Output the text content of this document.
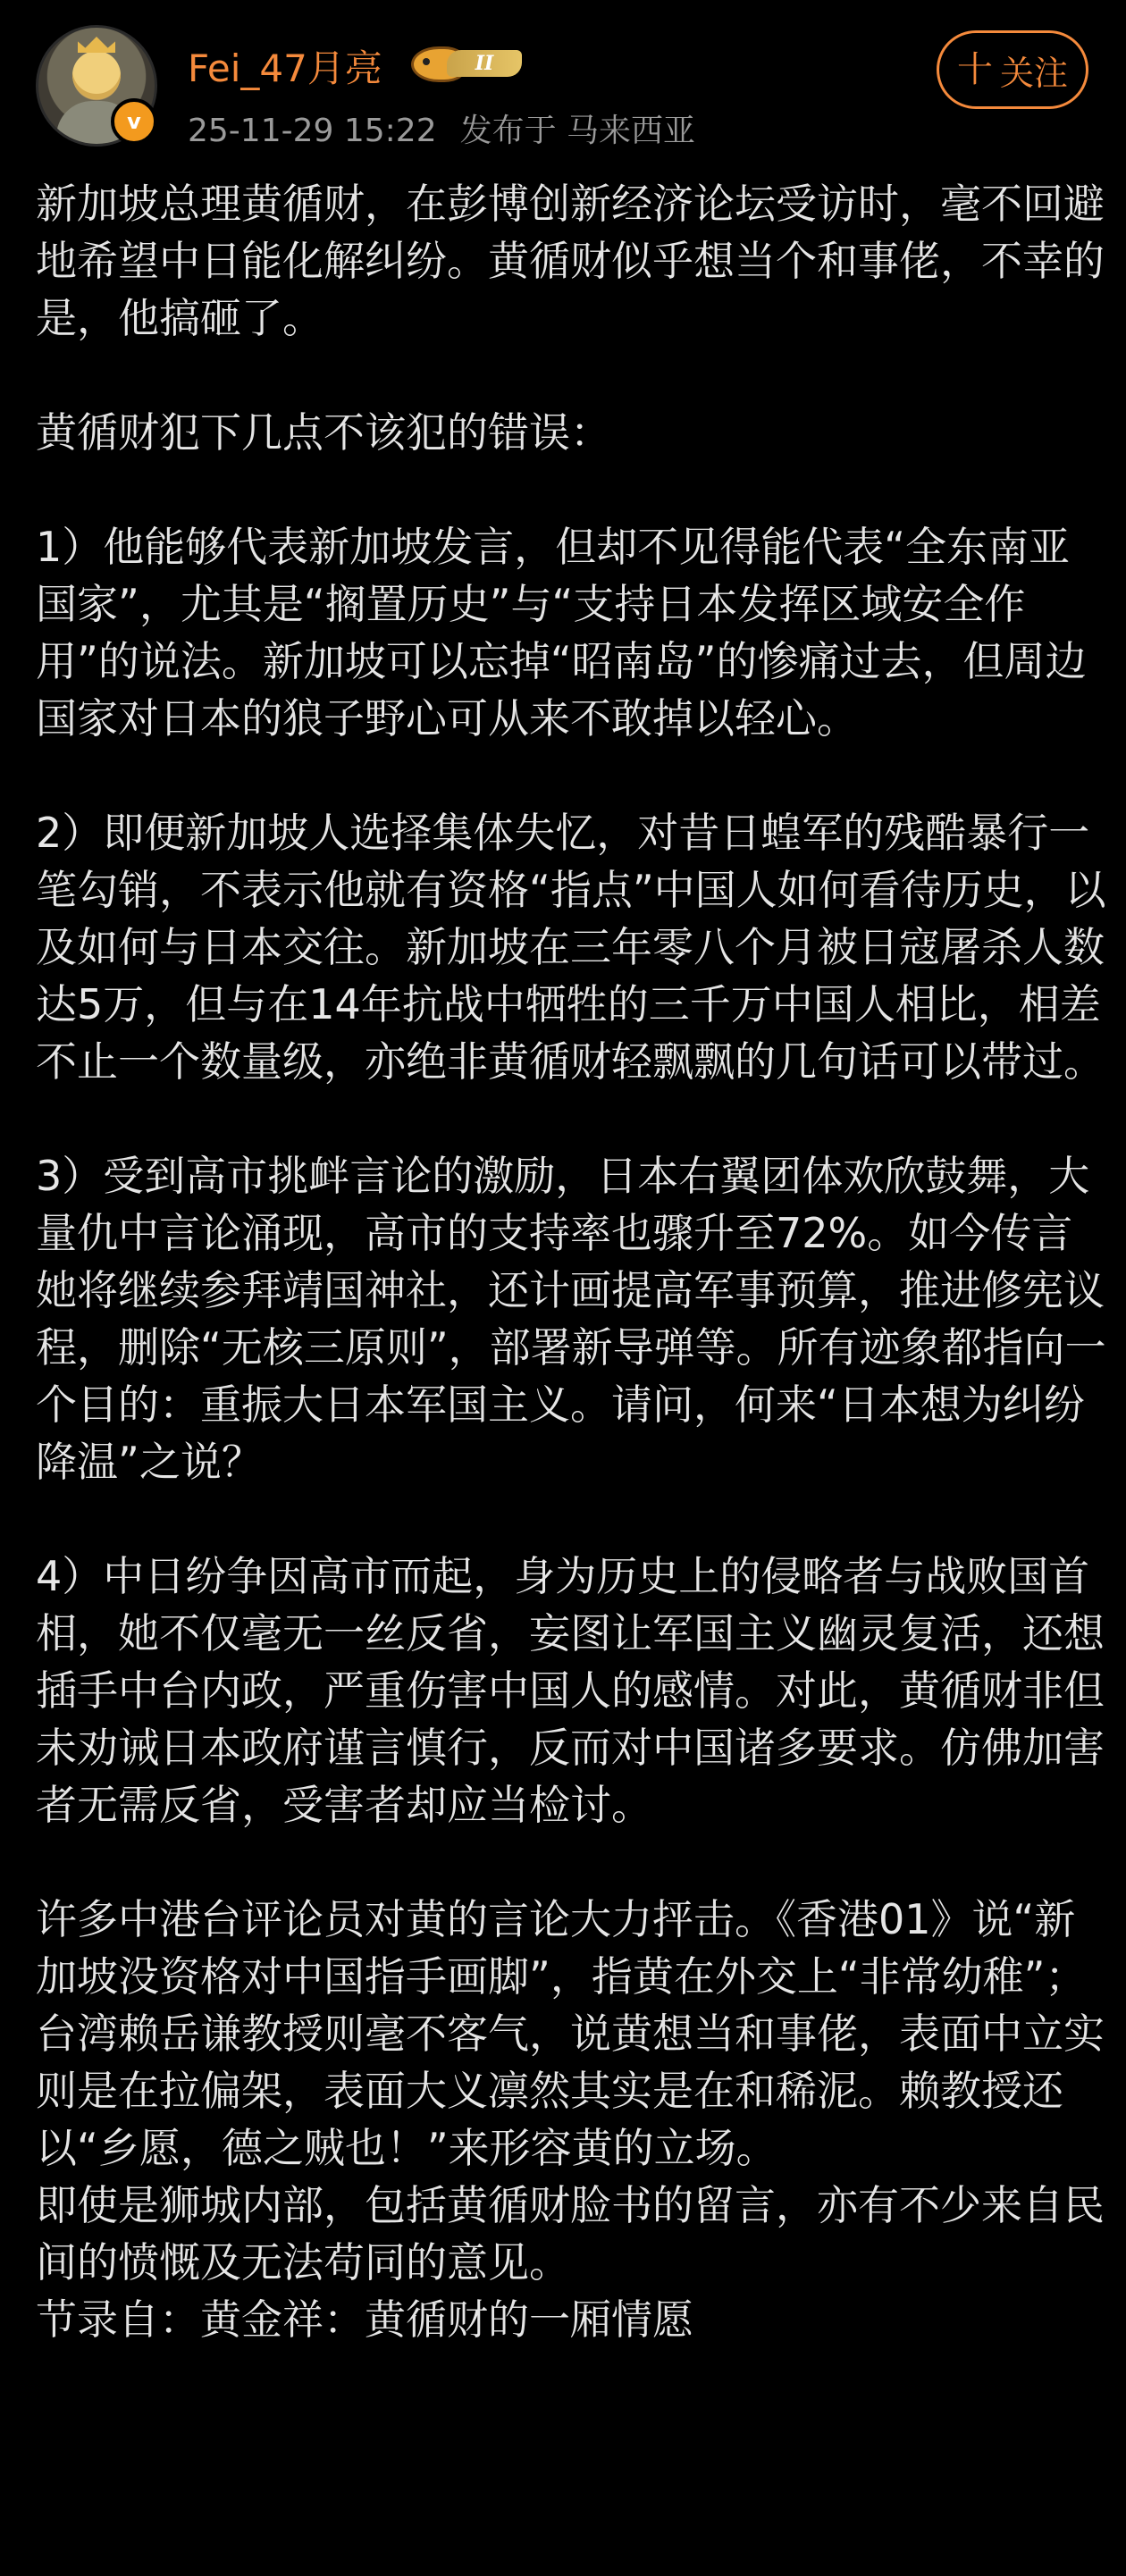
v
Fei_47月亮	II
25-11-29 15:22 发布于 马来西亚
十 关注

新加坡总理黄循财，在彭博创新经济论坛受访时，毫不回避地希望中日能化解纠纷。黄循财似乎想当个和事佬，不幸的是，他搞砸了。

黄循财犯下几点不该犯的错误：

1）他能够代表新加坡发言，但却不见得能代表“全东南亚国家”，尤其是“搁置历史”与“支持日本发挥区域安全作用”的说法。新加坡可以忘掉“昭南岛”的惨痛过去，但周边国家对日本的狼子野心可从来不敢掉以轻心。

2）即便新加坡人选择集体失忆，对昔日蝗军的残酷暴行一笔勾销，不表示他就有资格“指点”中国人如何看待历史，以及如何与日本交往。新加坡在三年零八个月被日寇屠杀人数达5万，但与在14年抗战中牺牲的三千万中国人相比，相差不止一个数量级，亦绝非黄循财轻飘飘的几句话可以带过。

3）受到高市挑衅言论的激励，日本右翼团体欢欣鼓舞，大量仇中言论涌现，高市的支持率也骤升至72%。如今传言她将继续参拜靖国神社，还计画提高军事预算，推进修宪议程，删除“无核三原则”，部署新导弹等。所有迹象都指向一个目的：重振大日本军国主义。请问，何来“日本想为纠纷降温”之说？

4）中日纷争因高市而起，身为历史上的侵略者与战败国首相，她不仅毫无一丝反省，妄图让军国主义幽灵复活，还想插手中台内政，严重伤害中国人的感情。对此，黄循财非但未劝诫日本政府谨言慎行，反而对中国诸多要求。仿佛加害者无需反省，受害者却应当检讨。

许多中港台评论员对黄的言论大力抨击。《香港01》说“新加坡没资格对中国指手画脚”，指黄在外交上“非常幼稚”；台湾赖岳谦教授则毫不客气，说黄想当和事佬，表面中立实则是在拉偏架，表面大义凛然其实是在和稀泥。赖教授还以“乡愿，德之贼也！”来形容黄的立场。

即使是狮城内部，包括黄循财脸书的留言，亦有不少来自民间的愤慨及无法苟同的意见。

节录自：黄金祥：黄循财的一厢情愿
